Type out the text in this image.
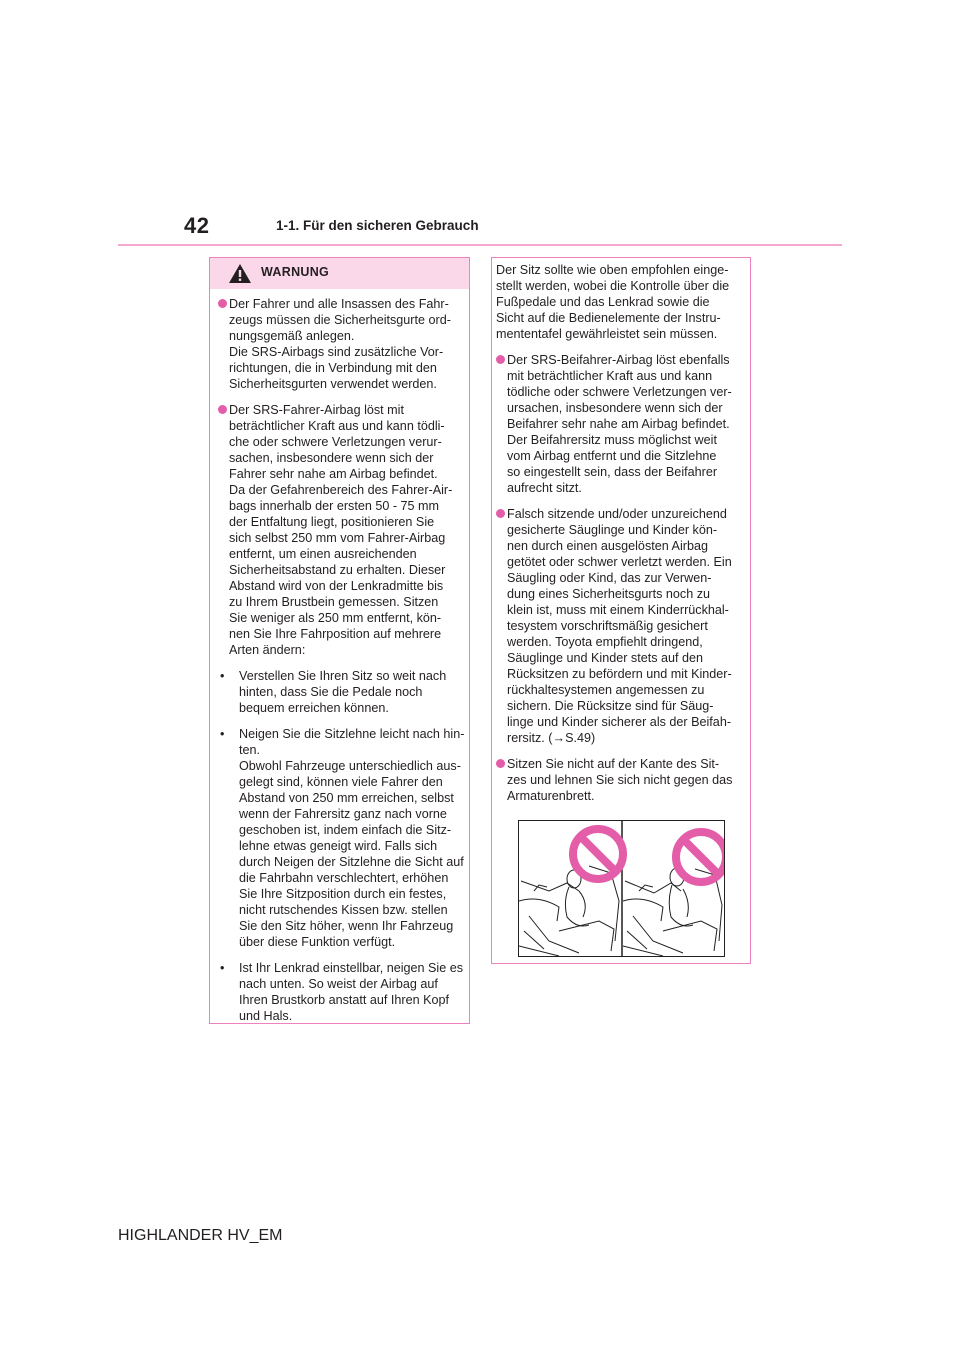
42	1-1. Für den sicheren Gebrauch
WARNUNG
Der Fahrer und alle Insassen des Fahr-
zeugs müssen die Sicherheitsgurte ord-
nungsgemäß anlegen.
Die SRS-Airbags sind zusätzliche Vor-
richtungen, die in Verbindung mit den
Sicherheitsgurten verwendet werden.
Der SRS-Fahrer-Airbag löst mit
beträchtlicher Kraft aus und kann tödli-
che oder schwere Verletzungen verur-
sachen, insbesondere wenn sich der
Fahrer sehr nahe am Airbag befindet.
Da der Gefahrenbereich des Fahrer-Air-
bags innerhalb der ersten 50 - 75 mm
der Entfaltung liegt, positionieren Sie
sich selbst 250 mm vom Fahrer-Airbag
entfernt, um einen ausreichenden
Sicherheitsabstand zu erhalten. Dieser
Abstand wird von der Lenkradmitte bis
zu Ihrem Brustbein gemessen. Sitzen
Sie weniger als 250 mm entfernt, kön-
nen Sie Ihre Fahrposition auf mehrere
Arten ändern:
• Verstellen Sie Ihren Sitz so weit nach
hinten, dass Sie die Pedale noch
bequem erreichen können.
• Neigen Sie die Sitzlehne leicht nach hin-
ten.
Obwohl Fahrzeuge unterschiedlich aus-
gelegt sind, können viele Fahrer den
Abstand von 250 mm erreichen, selbst
wenn der Fahrersitz ganz nach vorne
geschoben ist, indem einfach die Sitz-
lehne etwas geneigt wird. Falls sich
durch Neigen der Sitzlehne die Sicht auf
die Fahrbahn verschlechtert, erhöhen
Sie Ihre Sitzposition durch ein festes,
nicht rutschendes Kissen bzw. stellen
Sie den Sitz höher, wenn Ihr Fahrzeug
über diese Funktion verfügt.
• Ist Ihr Lenkrad einstellbar, neigen Sie es
nach unten. So weist der Airbag auf
Ihren Brustkorb anstatt auf Ihren Kopf
und Hals.
Der Sitz sollte wie oben empfohlen einge-
stellt werden, wobei die Kontrolle über die
Fußpedale und das Lenkrad sowie die
Sicht auf die Bedienelemente der Instru-
mententafel gewährleistet sein müssen.
Der SRS-Beifahrer-Airbag löst ebenfalls
mit beträchtlicher Kraft aus und kann
tödliche oder schwere Verletzungen ver-
ursachen, insbesondere wenn sich der
Beifahrer sehr nahe am Airbag befindet.
Der Beifahrersitz muss möglichst weit
vom Airbag entfernt und die Sitzlehne
so eingestellt sein, dass der Beifahrer
aufrecht sitzt.
Falsch sitzende und/oder unzureichend
gesicherte Säuglinge und Kinder kön-
nen durch einen ausgelösten Airbag
getötet oder schwer verletzt werden. Ein
Säugling oder Kind, das zur Verwen-
dung eines Sicherheitsgurts noch zu
klein ist, muss mit einem Kinderrückhal-
tesystem vorschriftsmäßig gesichert
werden. Toyota empfiehlt dringend,
Säuglinge und Kinder stets auf den
Rücksitzen zu befördern und mit Kinder-
rückhaltesystemen angemessen zu
sichern. Die Rücksitze sind für Säug-
linge und Kinder sicherer als der Beifah-
rersitz. (→S.49)
Sitzen Sie nicht auf der Kante des Sit-
zes und lehnen Sie sich nicht gegen das
Armaturenbrett.
HIGHLANDER HV_EM
